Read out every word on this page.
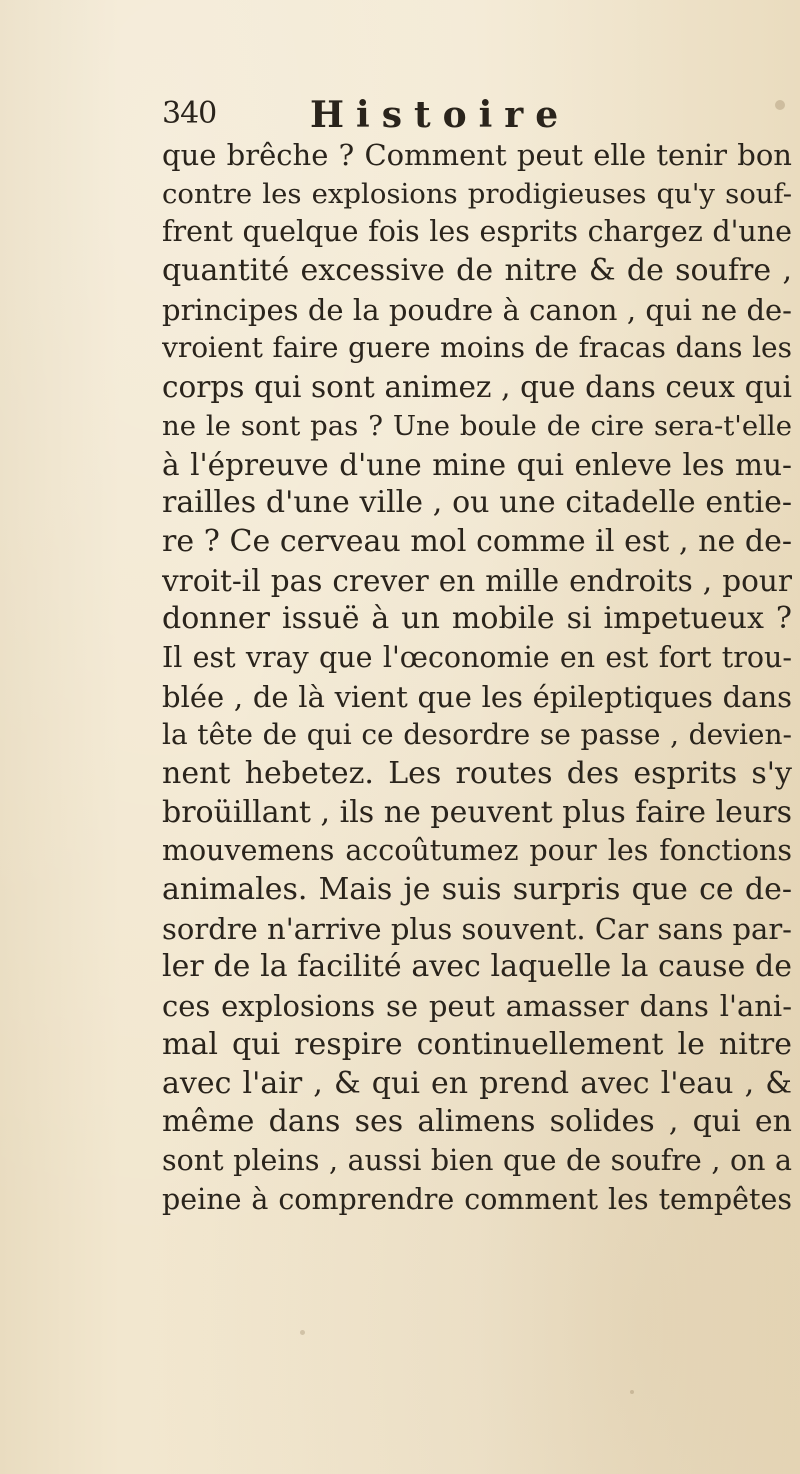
340	Histoire
que brêche ? Comment peut elle tenir bon
contre les explosions prodigieuses qu'y souf-
frent quelque fois les esprits chargez d'une
quantité excessive de nitre & de soufre ,
principes de la poudre à canon , qui ne de-
vroient faire guere moins de fracas dans les
corps qui sont animez , que dans ceux qui
ne le sont pas ? Une boule de cire sera-t'elle
à l'épreuve d'une mine qui enleve les mu-
railles d'une ville , ou une citadelle entie-
re ? Ce cerveau mol comme il est , ne de-
vroit-il pas crever en mille endroits , pour
donner issuë à un mobile si impetueux ?
Il est vray que l'œconomie en est fort trou-
blée , de là vient que les épileptiques dans
la tête de qui ce desordre se passe , devien-
nent hebetez. Les routes des esprits s'y
broüillant , ils ne peuvent plus faire leurs
mouvemens accoûtumez pour les fonctions
animales. Mais je suis surpris que ce de-
sordre n'arrive plus souvent. Car sans par-
ler de la facilité avec laquelle la cause de
ces explosions se peut amasser dans l'ani-
mal qui respire continuellement le nitre
avec l'air , & qui en prend avec l'eau , &
même dans ses alimens solides , qui en
sont pleins , aussi bien que de soufre , on a
peine à comprendre comment les tempêtes
